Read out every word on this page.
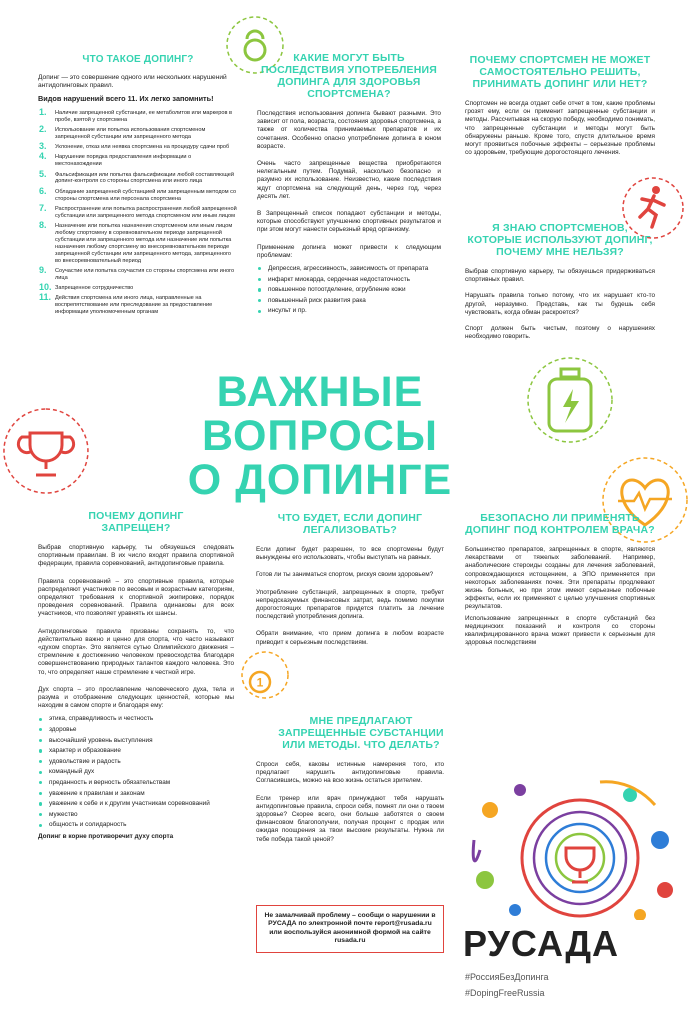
1
ЧТО ТАКОЕ ДОПИНГ?
Допинг — это совершение одного или нескольких нарушений антидопинговых правил.
Видов нарушений всего 11. Их легко запомнить!
1. Наличие запрещенной субстанции, ее метаболитов или маркеров в пробе, взятой у спортсмена
2. Использование или попытка использования спортсменом запрещенной субстанции или запрещенного метода
3. Уклонение, отказ или неявка спортсмена на процедуру сдачи проб
4. Нарушение порядка предоставления информации о местонахождении
5. Фальсификация или попытка фальсификации любой составляющей допинг-контроля со стороны спортсмена или иного лица
6. Обладание запрещенной субстанцией или запрещенным методом со стороны спортсмена или персонала спортсмена
7. Распространение или попытка распространения любой запрещенной субстанции или запрещенного метода спортсменом или иным лицом
8. Назначение или попытка назначения спортсменом или иным лицом любому спортсмену в соревновательном периоде запрещенной субстанции или запрещенного метода или назначение или попытка назначения любому спортсмену во внесоревновательном периоде запрещенной субстанции или запрещенного метода, запрещенного во внесоревновательный период
9. Соучастие или попытка соучастия со стороны спортсмена или иного лица
10. Запрещенное сотрудничество
11. Действия спортсмена или иного лица, направленные на воспрепятствование или преследование за предоставление информации уполномоченным органам
КАКИЕ МОГУТ БЫТЬ ПОСЛЕДСТВИЯ УПОТРЕБЛЕНИЯ ДОПИНГА ДЛЯ ЗДОРОВЬЯ СПОРТСМЕНА?
Последствия использования допинга бывают разными. Это зависит от пола, возраста, состояния здоровья спортсмена, а также от количества принимаемых препаратов и их сочетания. Особенно опасно употребление допинга в юном возрасте.
Очень часто запрещенные вещества приобретаются нелегальным путем. Подумай, насколько безопасно и разумно их использование. Неизвестно, какие последствия ждут спортсмена на следующий день, через год, через десять лет.
В Запрещенный список попадают субстанции и методы, которые способствуют улучшению спортивных результатов и при этом могут нанести серьезный вред организму.
Применение допинга может привести к следующим проблемам:
Депрессия, агрессивность, зависимость от препарата
инфаркт миокарда, сердечная недостаточность
повышенное потоотделение, огрубление кожи
повышенный риск развития рака
инсульт и пр.
ПОЧЕМУ СПОРТСМЕН НЕ МОЖЕТ САМОСТОЯТЕЛЬНО РЕШИТЬ, ПРИНИМАТЬ ДОПИНГ ИЛИ НЕТ?
Спортсмен не всегда отдает себе отчет в том, какие проблемы грозят ему, если он применит запрещенные субстанции и методы. Рассчитывая на скорую победу, необходимо понимать, что запрещенные субстанции и методы могут быть обнаружены раньше. Кроме того, спустя длительное время могут проявиться побочные эффекты – серьезные проблемы со здоровьем, требующие дорогостоящего лечения.
Я ЗНАЮ СПОРТСМЕНОВ, КОТОРЫЕ ИСПОЛЬЗУЮТ ДОПИНГ, ПОЧЕМУ МНЕ НЕЛЬЗЯ?
Выбрав спортивную карьеру, ты обязуешься придерживаться спортивных правил.
Нарушать правила только потому, что их нарушает кто-то другой, неразумно. Представь, как ты будешь себя чувствовать, когда обман раскроется?
Спорт должен быть чистым, поэтому о нарушениях необходимо говорить.
ВАЖНЫЕ ВОПРОСЫ
О ДОПИНГЕ
ПОЧЕМУ ДОПИНГ ЗАПРЕЩЕН?
Выбрав спортивную карьеру, ты обязуешься следовать спортивным правилам. В их число входят правила спортивной федерации, правила соревнований, антидопинговые правила.
Правила соревнований – это спортивные правила, которые распределяют участников по весовым и возрастным категориям, определяют требования к спортивной экипировке, порядок проведения соревнований. Правила одинаковы для всех участников, что позволяет уравнять их шансы.
Антидопинговые правила призваны сохранять то, что действительно важно и ценно для спорта, что часто называют «духом спорта». Это является сутью Олимпийского движения – стремление к достижению человеком превосходства благодаря совершенствованию природных талантов каждого человека. Это то, что определяет наше стремление к честной игре.
Дух спорта – это прославление человеческого духа, тела и разума и отображение следующих ценностей, которые мы находим в самом спорте и благодаря ему:
этика, справедливость и честность
здоровье
высочайший уровень выступления
характер и образование
удовольствие и радость
командный дух
преданность и верность обязательствам
уважение к правилам и законам
уважение к себе и к другим участникам соревнований
мужество
общность и солидарность
Допинг в корне противоречит духу спорта
ЧТО БУДЕТ, ЕСЛИ ДОПИНГ ЛЕГАЛИЗОВАТЬ?
Если допинг будет разрешен, то все спортсмены будут вынуждены его использовать, чтобы выступать на равных.
Готов ли ты заниматься спортом, рискуя своим здоровьем?
Употребление субстанций, запрещенных в спорте, требует непредсказуемых финансовых затрат, ведь помимо покупки дорогостоящих препаратов придется платить за лечение последствий употребления допинга.
Обрати внимание, что прием допинга в любом возрасте приводит к серьезным последствиям.
МНЕ ПРЕДЛАГАЮТ ЗАПРЕЩЕННЫЕ СУБСТАНЦИИ ИЛИ МЕТОДЫ. ЧТО ДЕЛАТЬ?
Спроси себя, каковы истинные намерения того, кто предлагает нарушить антидопинговые правила. Согласившись, можно на всю жизнь остаться зрителем.
Если тренер или врач принуждают тебя нарушать антидопинговые правила, спроси себя, помнят ли они о твоем здоровье? Скорее всего, они больше заботятся о своем финансовом благополучии, получая процент с продаж или ожидая поощрения за твои высокие результаты. Нужна ли тебе победа такой ценой?
Не замалчивай проблему – сообщи о нарушении в РУСАДА по электронной почте report@rusada.ru или воспользуйся анонимной формой на сайте rusada.ru
БЕЗОПАСНО ЛИ ПРИМЕНЯТЬ ДОПИНГ ПОД КОНТРОЛЕМ ВРАЧА?
Большинство препаратов, запрещенных в спорте, являются лекарствами от тяжелых заболеваний. Например, анаболические стероиды созданы для лечения заболеваний, сопровождающихся истощением, а ЭПО применяется при некоторых заболеваниях почек. Эти препараты продлевают жизнь больных, но при этом имеют серьезные побочные эффекты, если их применяют с целью улучшения спортивных результатов.
Использование запрещенных в спорте субстанций без медицинских показаний и контроля со стороны квалифицированного врача может привести к серьезным для здоровья последствиям
РУСАДА
#РоссияБезДопинга
#DopingFreeRussia
